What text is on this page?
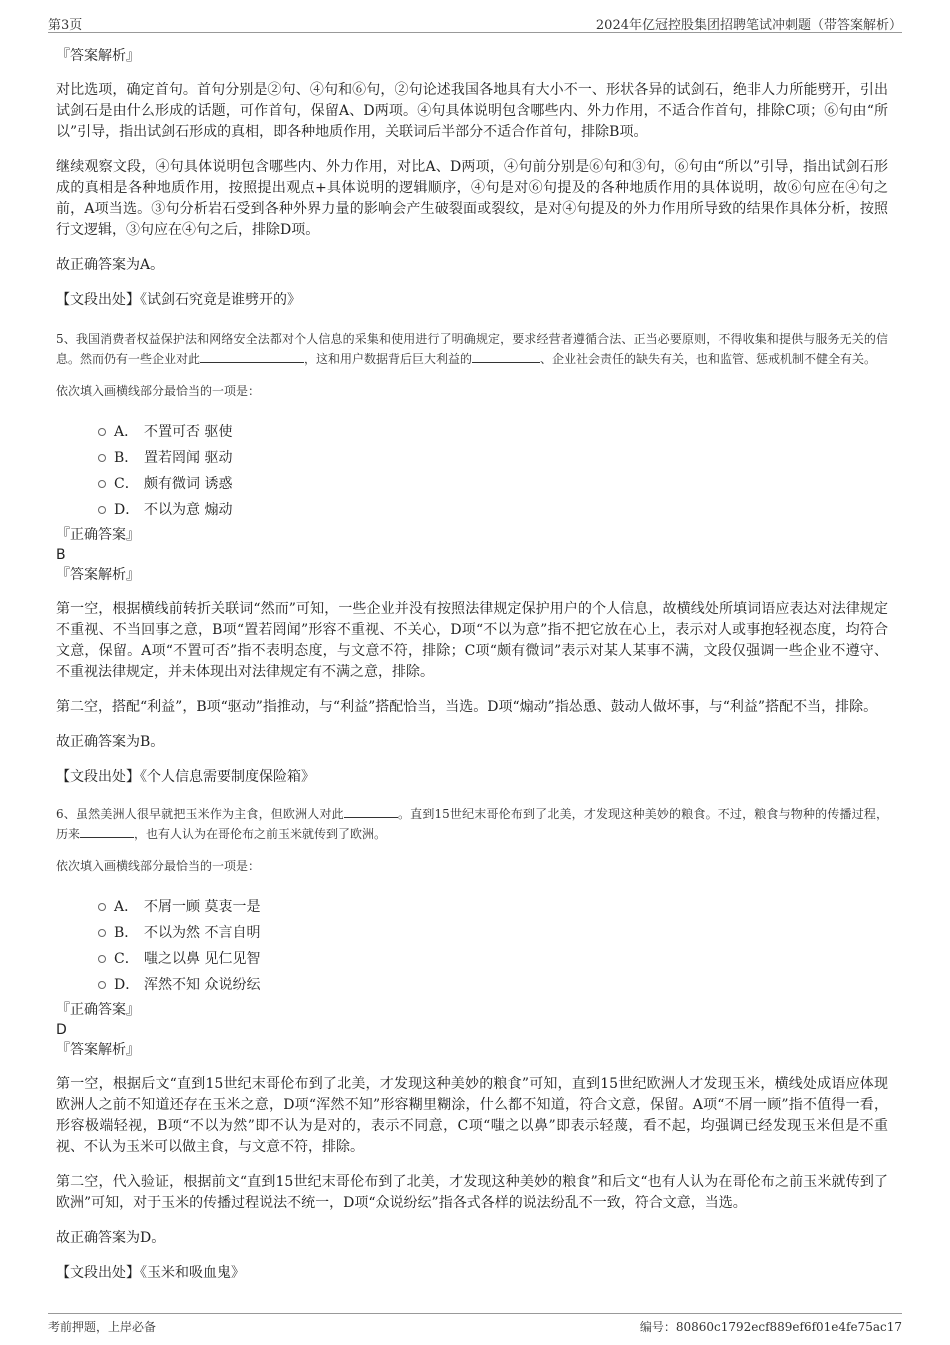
第3页	2024年亿冠控股集团招聘笔试冲刺题（带答案解析）

『答案解析』

对比选项，确定首句。首句分别是②句、④句和⑥句，②句论述我国各地具有大小不一、形状各异的试剑石，绝非人力所能劈开，引出试剑石是由什么形成的话题，可作首句，保留A、D两项。④句具体说明包含哪些内、外力作用，不适合作首句，排除C项；⑥句由“所以”引导，指出试剑石形成的真相，即各种地质作用，关联词后半部分不适合作首句，排除B项。

继续观察文段，④句具体说明包含哪些内、外力作用，对比A、D两项，④句前分别是⑥句和③句，⑥句由“所以”引导，指出试剑石形成的真相是各种地质作用，按照提出观点+具体说明的逻辑顺序，④句是对⑥句提及的各种地质作用的具体说明，故⑥句应在④句之前，A项当选。③句分析岩石受到各种外界力量的影响会产生破裂面或裂纹，是对④句提及的外力作用所导致的结果作具体分析，按照行文逻辑，③句应在④句之后，排除D项。

故正确答案为A。

【文段出处】《试剑石究竟是谁劈开的》

5、我国消费者权益保护法和网络安全法都对个人信息的采集和使用进行了明确规定，要求经营者遵循合法、正当必要原则，不得收集和提供与服务无关的信息。然而仍有一些企业对此	，这和用户数据背后巨大利益的	、企业社会责任的缺失有关，也和监管、惩戒机制不健全有关。

依次填入画横线部分最恰当的一项是：

A． 不置可否 驱使
B． 置若罔闻 驱动
C． 颇有微词 诱惑
D． 不以为意 煽动

『正确答案』

B

『答案解析』

第一空，根据横线前转折关联词“然而”可知，一些企业并没有按照法律规定保护用户的个人信息，故横线处所填词语应表达对法律规定不重视、不当回事之意，B项“置若罔闻”形容不重视、不关心，D项“不以为意”指不把它放在心上，表示对人或事抱轻视态度，均符合文意，保留。A项“不置可否”指不表明态度，与文意不符，排除；C项“颇有微词”表示对某人某事不满，文段仅强调一些企业不遵守、不重视法律规定，并未体现出对法律规定有不满之意，排除。

第二空，搭配“利益”，B项“驱动”指推动，与“利益”搭配恰当，当选。D项“煽动”指怂恿、鼓动人做坏事，与“利益”搭配不当，排除。

故正确答案为B。

【文段出处】《个人信息需要制度保险箱》

6、虽然美洲人很早就把玉米作为主食，但欧洲人对此	。直到15世纪末哥伦布到了北美，才发现这种美妙的粮食。不过，粮食与物种的传播过程，历来	，也有人认为在哥伦布之前玉米就传到了欧洲。

依次填入画横线部分最恰当的一项是：

A． 不屑一顾 莫衷一是
B． 不以为然 不言自明
C． 嗤之以鼻 见仁见智
D． 浑然不知 众说纷纭

『正确答案』

D

『答案解析』

第一空，根据后文“直到15世纪末哥伦布到了北美，才发现这种美妙的粮食”可知，直到15世纪欧洲人才发现玉米，横线处成语应体现欧洲人之前不知道还存在玉米之意，D项“浑然不知”形容糊里糊涂，什么都不知道，符合文意，保留。A项“不屑一顾”指不值得一看，形容极端轻视，B项“不以为然”即不认为是对的，表示不同意，C项“嗤之以鼻”即表示轻蔑，看不起，均强调已经发现玉米但是不重视、不认为玉米可以做主食，与文意不符，排除。

第二空，代入验证，根据前文“直到15世纪末哥伦布到了北美，才发现这种美妙的粮食”和后文“也有人认为在哥伦布之前玉米就传到了欧洲”可知，对于玉米的传播过程说法不统一，D项“众说纷纭”指各式各样的说法纷乱不一致，符合文意，当选。

故正确答案为D。

【文段出处】《玉米和吸血鬼》

考前押题，上岸必备	编号：80860c1792ecf889ef6f01e4fe75ac17
